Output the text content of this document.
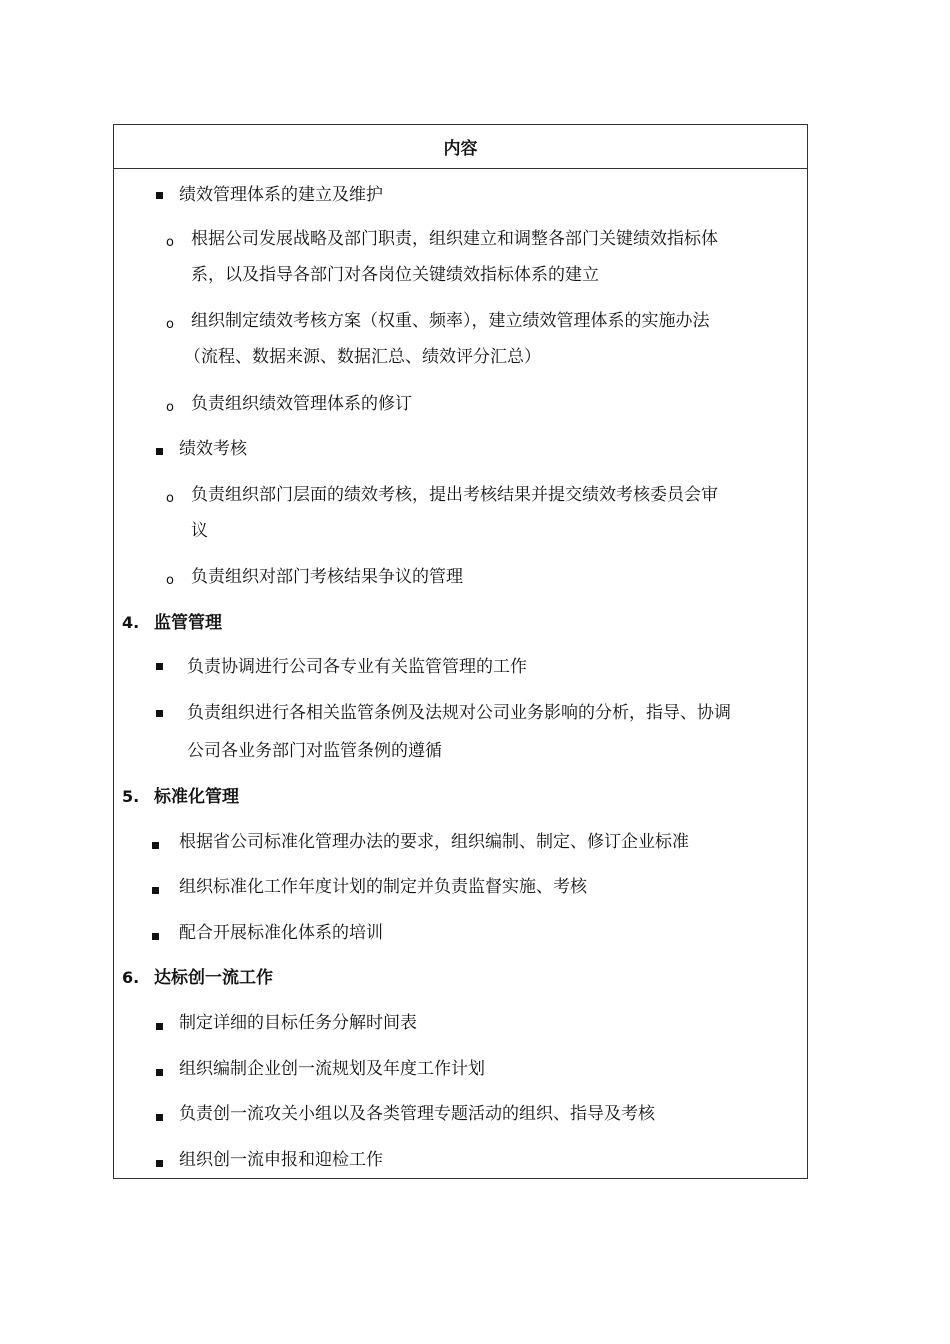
内容
绩效管理体系的建立及维护
o 根据公司发展战略及部门职责，组织建立和调整各部门关键绩效指标体
系，以及指导各部门对各岗位关键绩效指标体系的建立
o 组织制定绩效考核方案（权重、频率），建立绩效管理体系的实施办法
（流程、数据来源、数据汇总、绩效评分汇总）
o 负责组织绩效管理体系的修订
绩效考核
o 负责组织部门层面的绩效考核，提出考核结果并提交绩效考核委员会审
议
o 负责组织对部门考核结果争议的管理
4. 监管管理
负责协调进行公司各专业有关监管管理的工作
负责组织进行各相关监管条例及法规对公司业务影响的分析，指导、协调
公司各业务部门对监管条例的遵循
5. 标准化管理
根据省公司标准化管理办法的要求，组织编制、制定、修订企业标准
组织标准化工作年度计划的制定并负责监督实施、考核
配合开展标准化体系的培训
6. 达标创一流工作
制定详细的目标任务分解时间表
组织编制企业创一流规划及年度工作计划
负责创一流攻关小组以及各类管理专题活动的组织、指导及考核
组织创一流申报和迎检工作
